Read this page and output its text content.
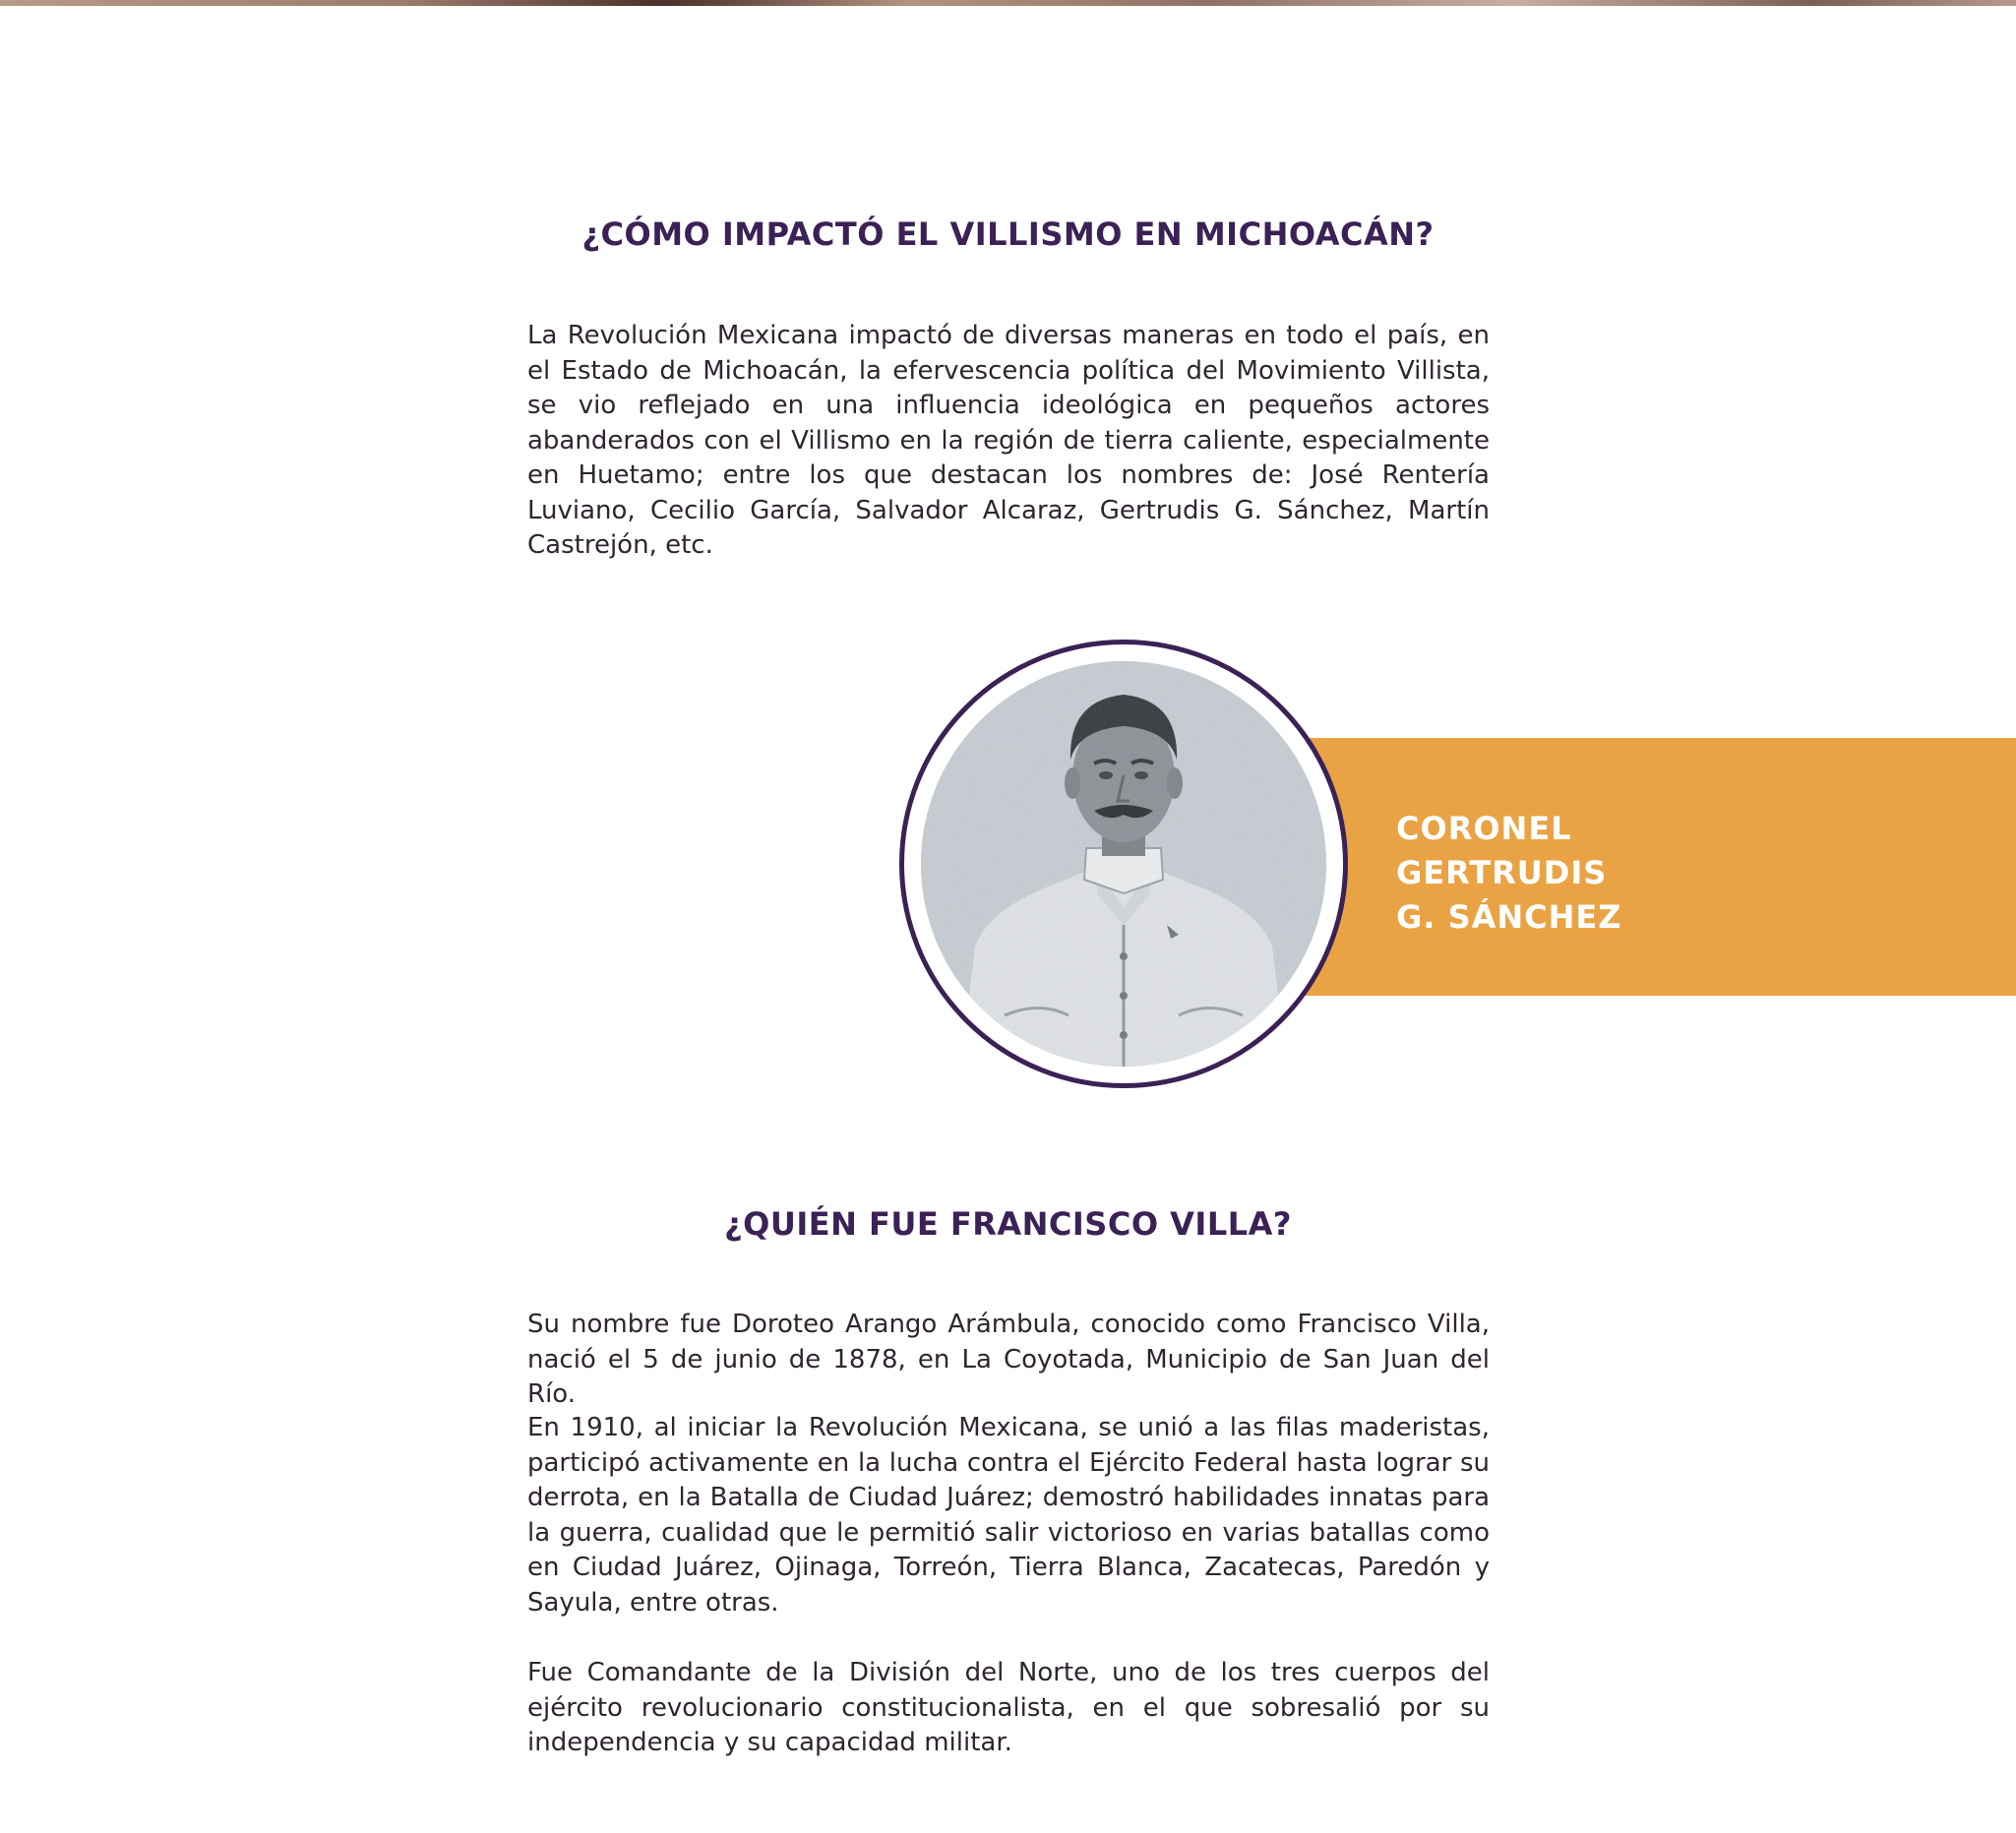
¿CÓMO IMPACTÓ EL VILLISMO EN MICHOACÁN?

La Revolución Mexicana impactó de diversas maneras en todo el país, en el Estado de Michoacán, la efervescencia política del Movimiento Villista, se vio reflejado en una influencia ideológica en pequeños actores abanderados con el Villismo en la región de tierra caliente, especialmente en Huetamo; entre los que destacan los nombres de: José Rentería Luviano, Cecilio García, Salvador Alcaraz, Gertrudis G. Sánchez, Martín Castrejón, etc.

CORONEL
GERTRUDIS
G. SÁNCHEZ
¿QUIÉN FUE FRANCISCO VILLA?

Su nombre fue Doroteo Arango Arámbula, conocido como Francisco Villa, nació el 5 de junio de 1878, en La Coyotada, Municipio de San Juan del Río.

En 1910, al iniciar la Revolución Mexicana, se unió a las filas maderistas, participó activamente en la lucha contra el Ejército Federal hasta lograr su derrota, en la Batalla de Ciudad Juárez; demostró habilidades innatas para la guerra, cualidad que le permitió salir victorioso en varias batallas como en Ciudad Juárez, Ojinaga, Torreón, Tierra Blanca, Zacatecas, Paredón y Sayula, entre otras.

Fue Comandante de la División del Norte, uno de los tres cuerpos del ejército revolucionario constitucionalista, en el que sobresalió por su independencia y su capacidad militar.
